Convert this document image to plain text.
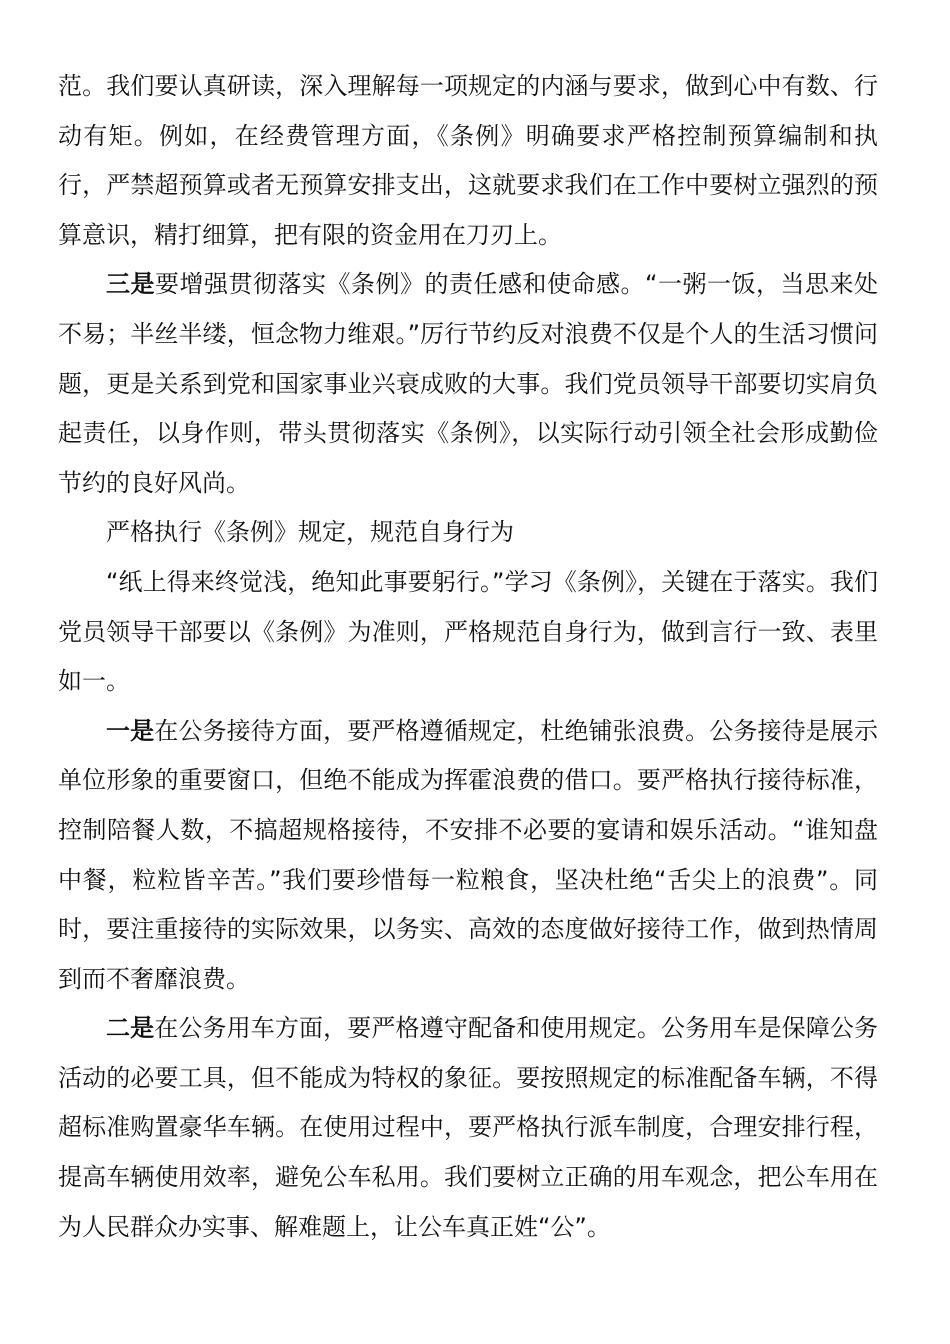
范。我们要认真研读，深入理解每一项规定的内涵与要求，做到心中有数、行动有矩。例如，在经费管理方面，《条例》明确要求严格控制预算编制和执行，严禁超预算或者无预算安排支出，这就要求我们在工作中要树立强烈的预算意识，精打细算，把有限的资金用在刀刃上。

三是要增强贯彻落实《条例》的责任感和使命感。“一粥一饭，当思来处不易；半丝半缕，恒念物力维艰。”厉行节约反对浪费不仅是个人的生活习惯问题，更是关系到党和国家事业兴衰成败的大事。我们党员领导干部要切实肩负起责任，以身作则，带头贯彻落实《条例》，以实际行动引领全社会形成勤俭节约的良好风尚。

严格执行《条例》规定，规范自身行为

“纸上得来终觉浅，绝知此事要躬行。”学习《条例》，关键在于落实。我们党员领导干部要以《条例》为准则，严格规范自身行为，做到言行一致、表里如一。

一是在公务接待方面，要严格遵循规定，杜绝铺张浪费。公务接待是展示单位形象的重要窗口，但绝不能成为挥霍浪费的借口。要严格执行接待标准，控制陪餐人数，不搞超规格接待，不安排不必要的宴请和娱乐活动。“谁知盘中餐，粒粒皆辛苦。”我们要珍惜每一粒粮食，坚决杜绝“舌尖上的浪费”。同时，要注重接待的实际效果，以务实、高效的态度做好接待工作，做到热情周到而不奢靡浪费。

二是在公务用车方面，要严格遵守配备和使用规定。公务用车是保障公务活动的必要工具，但不能成为特权的象征。要按照规定的标准配备车辆，不得超标准购置豪华车辆。在使用过程中，要严格执行派车制度，合理安排行程，提高车辆使用效率，避免公车私用。我们要树立正确的用车观念，把公车用在为人民群众办实事、解难题上，让公车真正姓“公”。
